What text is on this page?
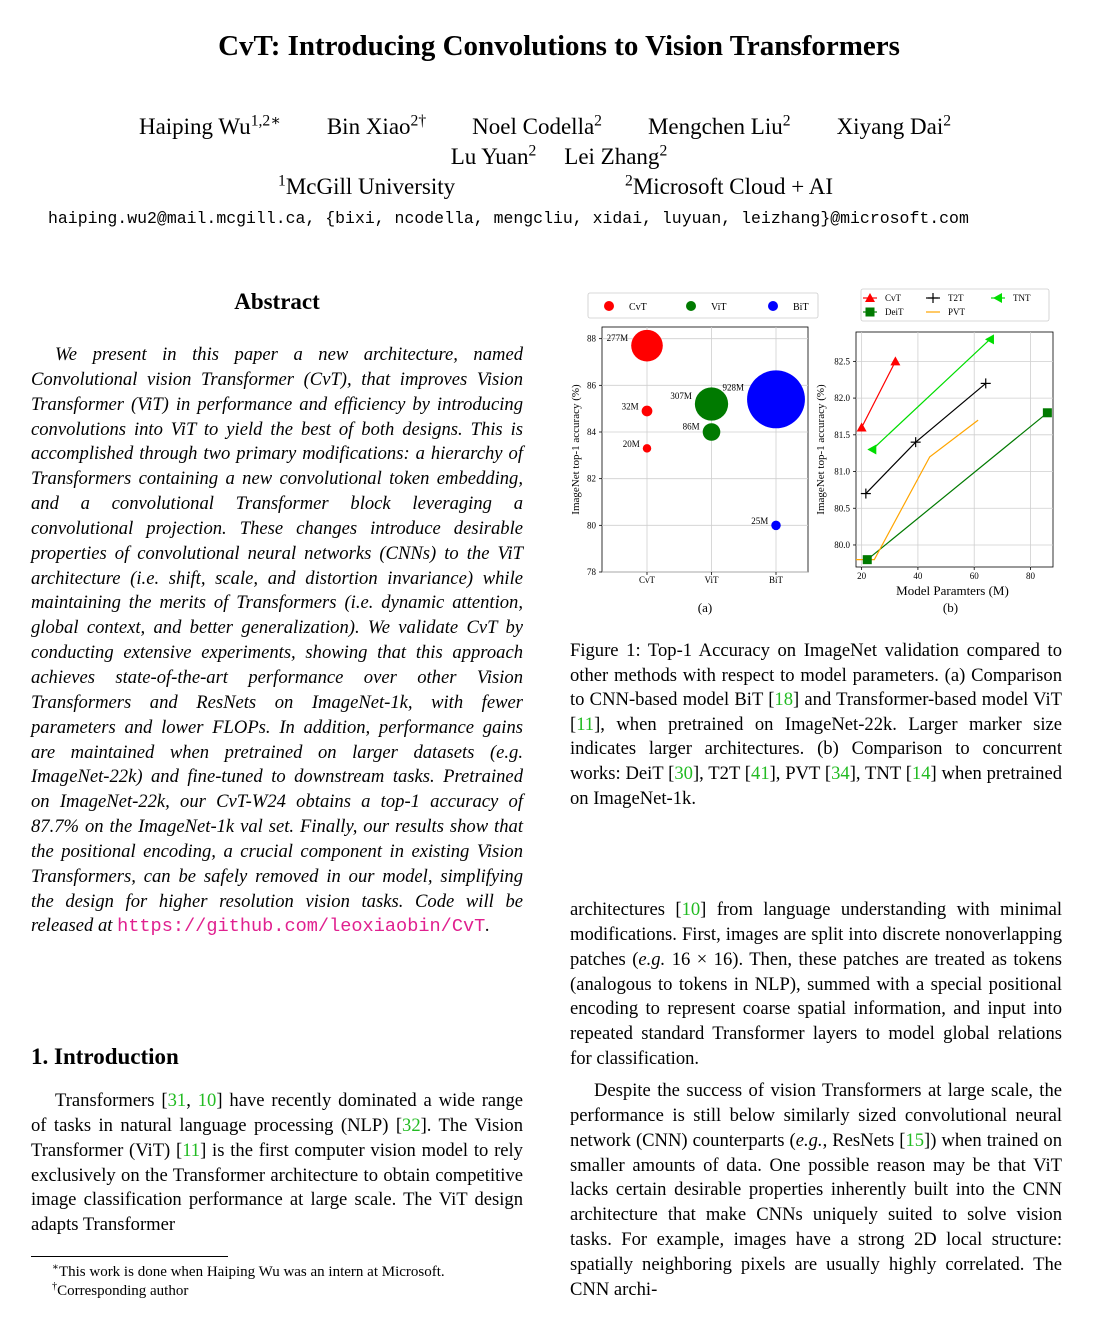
CvT: Introducing Convolutions to Vision Transformers
Haiping $Wu^{1,2∗}$ Bin Xiao$^{2\dagger}$ Noel Codella$^2$ Mengchen Liu$^2$ Xiyang Dai$^2$
Lu Yuan$^2$ Lei Zhang$^2$
$^1$McGill University	$^2$Microsoft Cloud + AI
haiping.wu2@mail.mcgill.ca, {bixi, ncodella, mengcliu, xidai, luyuan, leizhang}@microsoft.com
Abstract
We present in this paper a new architecture, named Convolutional vision Transformer (CvT), that improves Vision Transformer (ViT) in performance and efficiency by introducing convolutions into ViT to yield the best of both designs. This is accomplished through two primary modifications: a hierarchy of Transformers containing a new convolutional token embedding, and a convolutional Transformer block leveraging a convolutional projection. These changes introduce desirable properties of convolutional neural networks (CNNs) to the ViT architecture (i.e. shift, scale, and distortion invariance) while maintaining the merits of Transformers (i.e. dynamic attention, global context, and better generalization). We validate CvT by conducting extensive experiments, showing that this approach achieves state-of-the-art performance over other Vision Transformers and ResNets on ImageNet-1k, with fewer parameters and lower FLOPs. In addition, performance gains are maintained when pretrained on larger datasets (e.g. ImageNet-22k) and fine-tuned to downstream tasks. Pretrained on ImageNet-22k, our CvT-W24 obtains a top-1 accuracy of 87.7% on the ImageNet-1k val set. Finally, our results show that the positional encoding, a crucial component in existing Vision Transformers, can be safely removed in our model, simplifying the design for higher resolution vision tasks. Code will be released at https://github.com/leoxiaobin/CvT.
1. Introduction
Transformers [31, 10] have recently dominated a wide range of tasks in natural language processing (NLP) [32]. The Vision Transformer (ViT) [11] is the first computer vision model to rely exclusively on the Transformer architecture to obtain competitive image classification performance at large scale. The ViT design adapts Transformer
∗This work is done when Haiping Wu was an intern at Microsoft.
†Corresponding author
78
80
82
84
86
88
CvT	ViT	BiT
ImageNet top-1 accuracy (%)
(a)
20M
32M
277M
86M
307M
25M
928M
CvT	ViT	BiT
80.0
80.5
81.0
81.5
82.0
82.5
20	40	60	80
ImageNet top-1 accuracy (%)
Model Paramters (M)
(b)
CvT
DeiT
T2T
PVT
TNT
Figure 1: Top-1 Accuracy on ImageNet validation compared to other methods with respect to model parameters. (a) Comparison to CNN-based model BiT [18] and Transformer-based model ViT [11], when pretrained on ImageNet-22k. Larger marker size indicates larger architectures. (b) Comparison to concurrent works: DeiT [30], T2T [41], PVT [34], TNT [14] when pretrained on ImageNet-1k.
architectures [10] from language understanding with minimal modifications. First, images are split into discrete nonoverlapping patches (e.g. 16 × 16). Then, these patches are treated as tokens (analogous to tokens in NLP), summed with a special positional encoding to represent coarse spatial information, and input into repeated standard Transformer layers to model global relations for classification.
Despite the success of vision Transformers at large scale, the performance is still below similarly sized convolutional neural network (CNN) counterparts (e.g., ResNets [15]) when trained on smaller amounts of data. One possible reason may be that ViT lacks certain desirable properties inherently built into the CNN architecture that make CNNs uniquely suited to solve vision tasks. For example, images have a strong 2D local structure: spatially neighboring pixels are usually highly correlated. The CNN archi-
